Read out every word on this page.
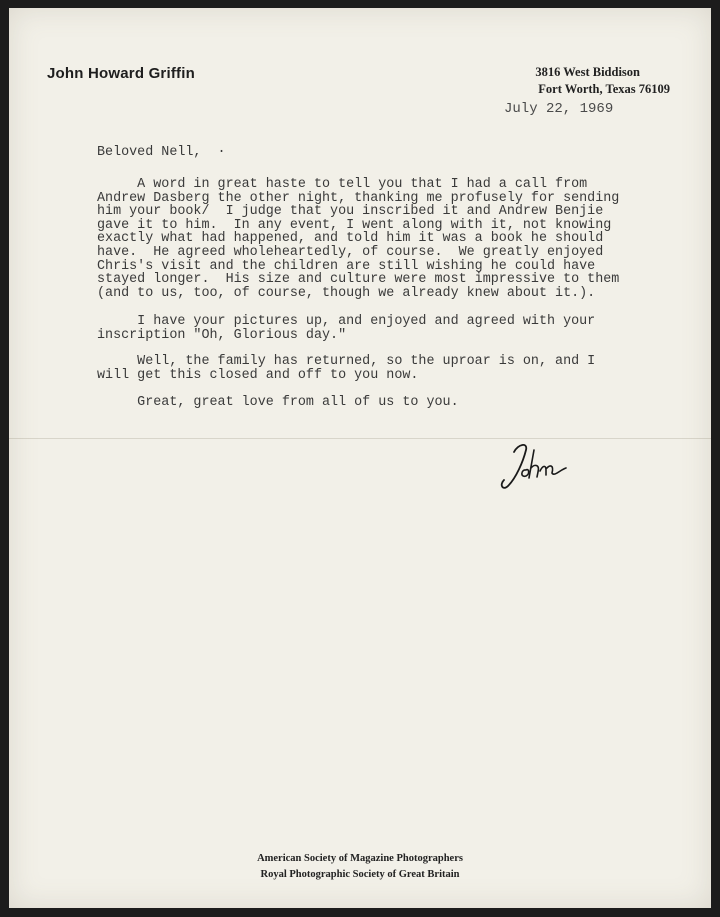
John Howard Griffin	3816 West Biddison
Fort Worth, Texas 76109
July 22, 1969
Beloved Nell,  ·
A word in great haste to tell you that I had a call from
Andrew Dasberg the other night, thanking me profusely for sending
him your book/  I judge that you inscribed it and Andrew Benjie
gave it to him.  In any event, I went along with it, not knowing
exactly what had happened, and told him it was a book he should
have.  He agreed wholeheartedly, of course.  We greatly enjoyed
Chris's visit and the children are still wishing he could have
stayed longer.  His size and culture were most impressive to them
(and to us, too, of course, though we already knew about it.).
I have your pictures up, and enjoyed and agreed with your
inscription "Oh, Glorious day."
Well, the family has returned, so the uproar is on, and I
will get this closed and off to you now.
Great, great love from all of us to you.
American Society of Magazine Photographers
Royal Photographic Society of Great Britain
